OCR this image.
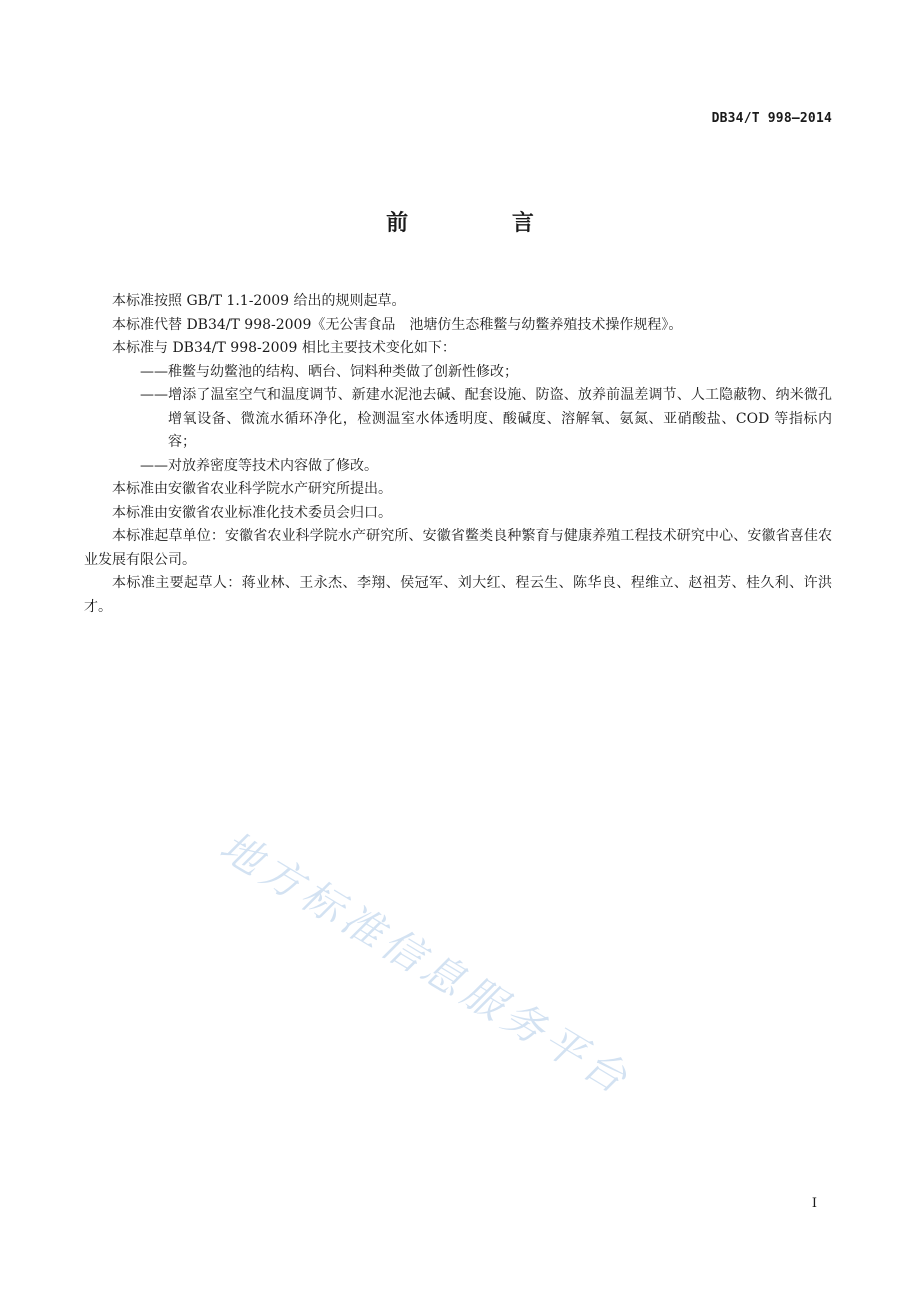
DB34/T 998—2014
前 言

本标准按照 GB/T 1.1-2009 给出的规则起草。

本标准代替 DB34/T 998-2009《无公害食品　池塘仿生态稚鳖与幼鳖养殖技术操作规程》。

本标准与 DB34/T 998-2009 相比主要技术变化如下：

——稚鳖与幼鳖池的结构、晒台、饲料种类做了创新性修改；

——增添了温室空气和温度调节、新建水泥池去碱、配套设施、防盗、放养前温差调节、人工隐蔽物、纳米微孔增氧设备、微流水循环净化，检测温室水体透明度、酸碱度、溶解氧、氨氮、亚硝酸盐、COD 等指标内容；

——对放养密度等技术内容做了修改。

本标准由安徽省农业科学院水产研究所提出。

本标准由安徽省农业标准化技术委员会归口。

本标准起草单位：安徽省农业科学院水产研究所、安徽省鳖类良种繁育与健康养殖工程技术研究中心、安徽省喜佳农业发展有限公司。

本标准主要起草人：蒋业林、王永杰、李翔、侯冠军、刘大红、程云生、陈华良、程维立、赵祖芳、桂久利、许洪才。

地方标准信息服务平台
I
